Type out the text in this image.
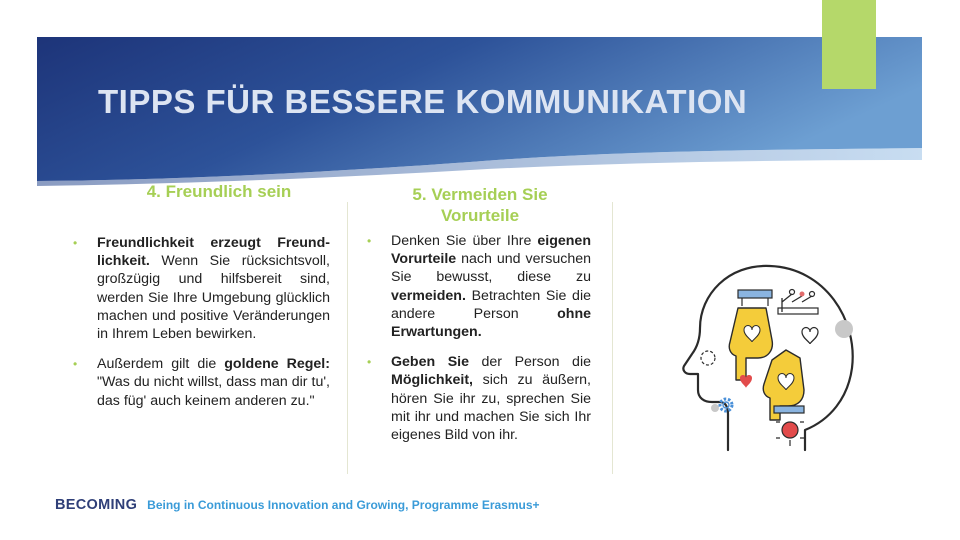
TIPPS FÜR BESSERE KOMMUNIKATION
4. Freundlich sein	5. Vermeiden Sie
Vorurteile
• Freundlichkeit erzeugt Freund-lichkeit. Wenn Sie rücksichtsvoll, großzügig und hilfsbereit sind, werden Sie Ihre Umgebung glücklich machen und positive Veränderungen in Ihrem Leben bewirken.
• Außerdem gilt die goldene Regel: "Was du nicht willst, dass man dir tu', das füg' auch keinem anderen zu."
• Denken Sie über Ihre eigenen Vorurteile nach und versuchen Sie bewusst, diese zu vermeiden. Betrachten Sie die andere Person ohne Erwartungen.
• Geben Sie der Person die Möglichkeit, sich zu äußern, hören Sie ihr zu, sprechen Sie mit ihr und machen Sie sich Ihr eigenes Bild von ihr.
BECOMING Being in Continuous Innovation and Growing, Programme Erasmus+
